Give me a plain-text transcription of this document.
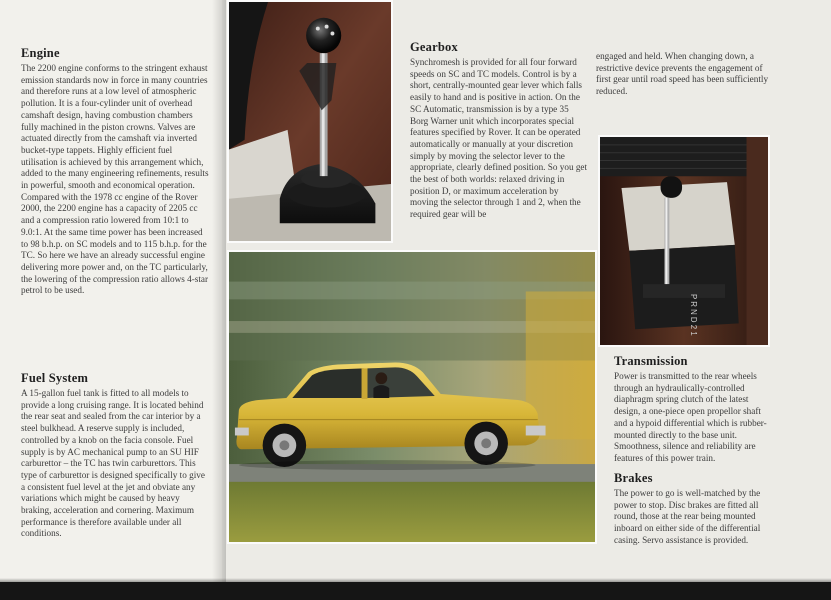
Engine

The 2200 engine conforms to the stringent exhaust emission standards now in force in many countries and therefore runs at a low level of atmospheric pollution. It is a four-cylinder unit of overhead camshaft design, having combustion chambers fully machined in the piston crowns. Valves are actuated directly from the camshaft via inverted bucket-type tappets. Highly efficient fuel utilisation is achieved by this arrangement which, added to the many engineering refinements, results in powerful, smooth and economical operation. Compared with the 1978 cc engine of the Rover 2000, the 2200 engine has a capacity of 2205 cc and a compression ratio lowered from 10:1 to 9.0:1. At the same time power has been increased to 98 b.h.p. on SC models and to 115 b.h.p. for the TC. So here we have an already successful engine delivering more power and, on the TC particularly, the lowering of the compression ratio allows 4-star petrol to be used.

Fuel System

A 15-gallon fuel tank is fitted to all models to provide a long cruising range. It is located behind the rear seat and sealed from the car interior by a steel bulkhead. A reserve supply is included, controlled by a knob on the facia console. Fuel supply is by AC mechanical pump to an SU HIF carburettor – the TC has twin carburettors. This type of carburettor is designed specifically to give a consistent fuel level at the jet and obviate any variations which might be caused by heavy braking, acceleration and cornering. Maximum performance is therefore available under all conditions.

Gearbox

Synchromesh is provided for all four forward speeds on SC and TC models. Control is by a short, centrally-mounted gear lever which falls easily to hand and is positive in action. On the SC Automatic, transmission is by a type 35 Borg Warner unit which incorporates special features specified by Rover. It can be operated automatically or manually at your discretion simply by moving the selector lever to the appropriate, clearly defined position. So you get the best of both worlds: relaxed driving in position D, or maximum acceleration by moving the selector through 1 and 2, when the required gear will be

engaged and held. When changing down, a restrictive device prevents the engagement of first gear until road speed has been sufficiently reduced.

P R N D 2 1
Transmission

Power is transmitted to the rear wheels through an hydraulically-controlled diaphragm spring clutch of the latest design, a one-piece open propellor shaft and a hypoid differential which is rubber-mounted directly to the base unit. Smoothness, silence and reliability are features of this power train.

Brakes

The power to go is well-matched by the power to stop. Disc brakes are fitted all round, those at the rear being mounted inboard on either side of the differential casing. Servo assistance is provided.
